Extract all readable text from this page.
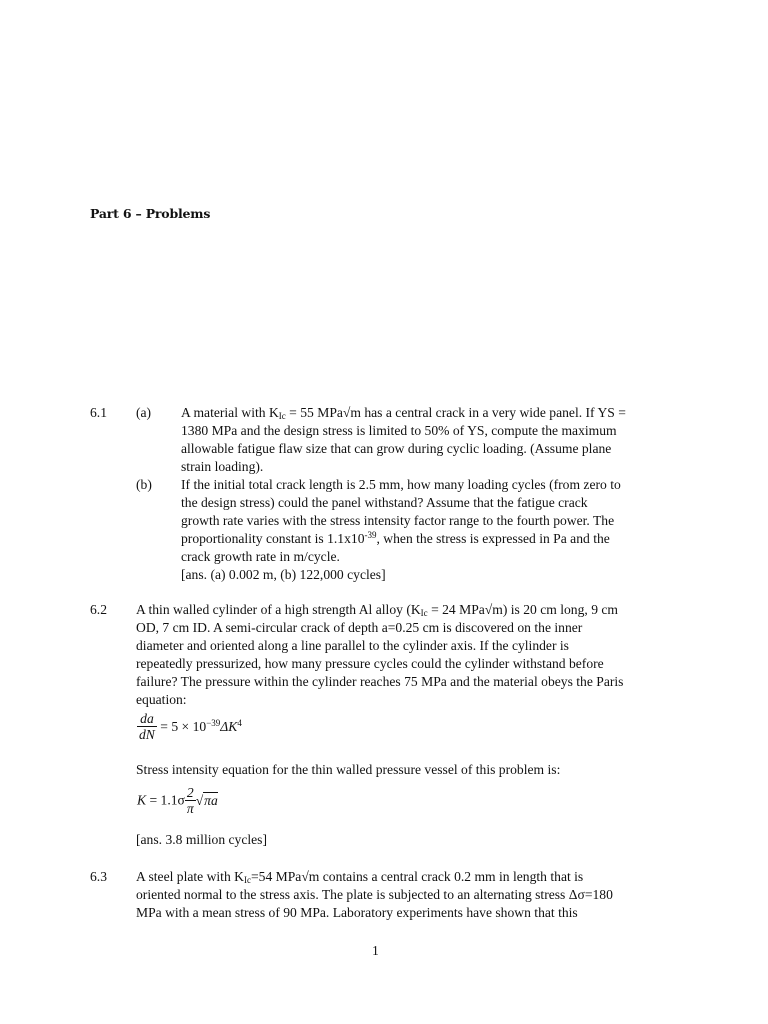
Part 6 – Problems
6.1 (a) A material with $K_{Ic} = 55$ MPa√m has a central crack in a very wide panel. If YS =
1380 MPa and the design stress is limited to 50% of YS, compute the maximum
allowable fatigue flaw size that can grow during cyclic loading. (Assume plane
strain loading).
(b) If the initial total crack length is 2.5 mm, how many loading cycles (from zero to
the design stress) could the panel withstand? Assume that the fatigue crack
growth rate varies with the stress intensity factor range to the fourth power. The
proportionality constant is $1.1x10^{-39}$, when the stress is expressed in Pa and the
crack growth rate in m/cycle.
[ans. (a) 0.002 m, (b) 122,000 cycles]
6.2 A thin walled cylinder of a high strength Al alloy ($K_{Ic} = 24$ MPa√m) is 20 cm long, 9 cm
OD, 7 cm ID. A semi-circular crack of depth a=0.25 cm is discovered on the inner
diameter and oriented along a line parallel to the cylinder axis. If the cylinder is
repeatedly pressurized, how many pressure cycles could the cylinder withstand before
failure? The pressure within the cylinder reaches 75 MPa and the material obeys the Paris
equation:
$\frac{da}{dN} = 5 \times 10^{-39}\Delta K^4$
Stress intensity equation for the thin walled pressure vessel of this problem is:
$K = 1.1\sigma \frac{2}{\pi} √\pi a$
[ans. 3.8 million cycles]
6.3 A steel plate with $K_{Ic}=54$ MPa√m contains a central crack 0.2 mm in length that is
oriented normal to the stress axis. The plate is subjected to an alternating stress Δσ=180
MPa with a mean stress of 90 MPa. Laboratory experiments have shown that this
1
